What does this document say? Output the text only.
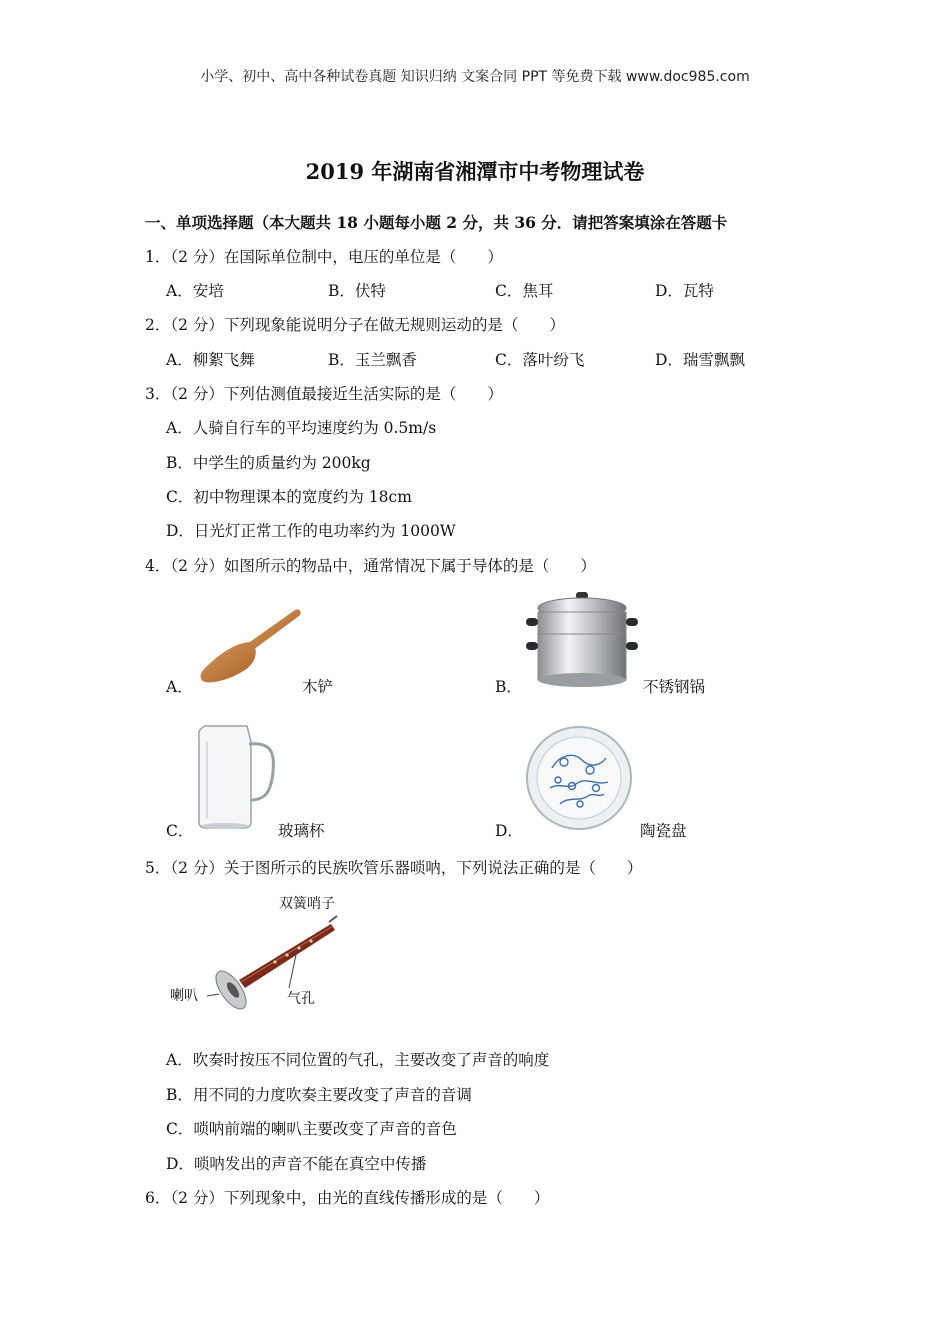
小学、初中、高中各种试卷真题 知识归纳 文案合同 PPT 等免费下载 www.doc985.com
2019 年湖南省湘潭市中考物理试卷
一、单项选择题（本大题共 18 小题每小题 2 分，共 36 分．请把答案填涂在答题卡
1．（2 分）在国际单位制中，电压的单位是（　　）
A．安培	B．伏特	C．焦耳	D．瓦特
2．（2 分）下列现象能说明分子在做无规则运动的是（　　）
A．柳絮飞舞	B．玉兰飘香	C．落叶纷飞	D．瑞雪飘飘
3．（2 分）下列估测值最接近生活实际的是（　　）
A．人骑自行车的平均速度约为 0.5m/s
B．中学生的质量约为 200kg
C．初中物理课本的宽度约为 18cm
D．日光灯正常工作的电功率约为 1000W
4．（2 分）如图所示的物品中，通常情况下属于导体的是（　　）
A．	木铲	B．	不锈钢锅
C．	玻璃杯	D．	陶瓷盘
5．（2 分）关于图所示的民族吹管乐器唢呐，下列说法正确的是（　　）
双簧哨子
喇叭	气孔
A．吹奏时按压不同位置的气孔，主要改变了声音的响度
B．用不同的力度吹奏主要改变了声音的音调
C．唢呐前端的喇叭主要改变了声音的音色
D．唢呐发出的声音不能在真空中传播
6．（2 分）下列现象中，由光的直线传播形成的是（　　）
